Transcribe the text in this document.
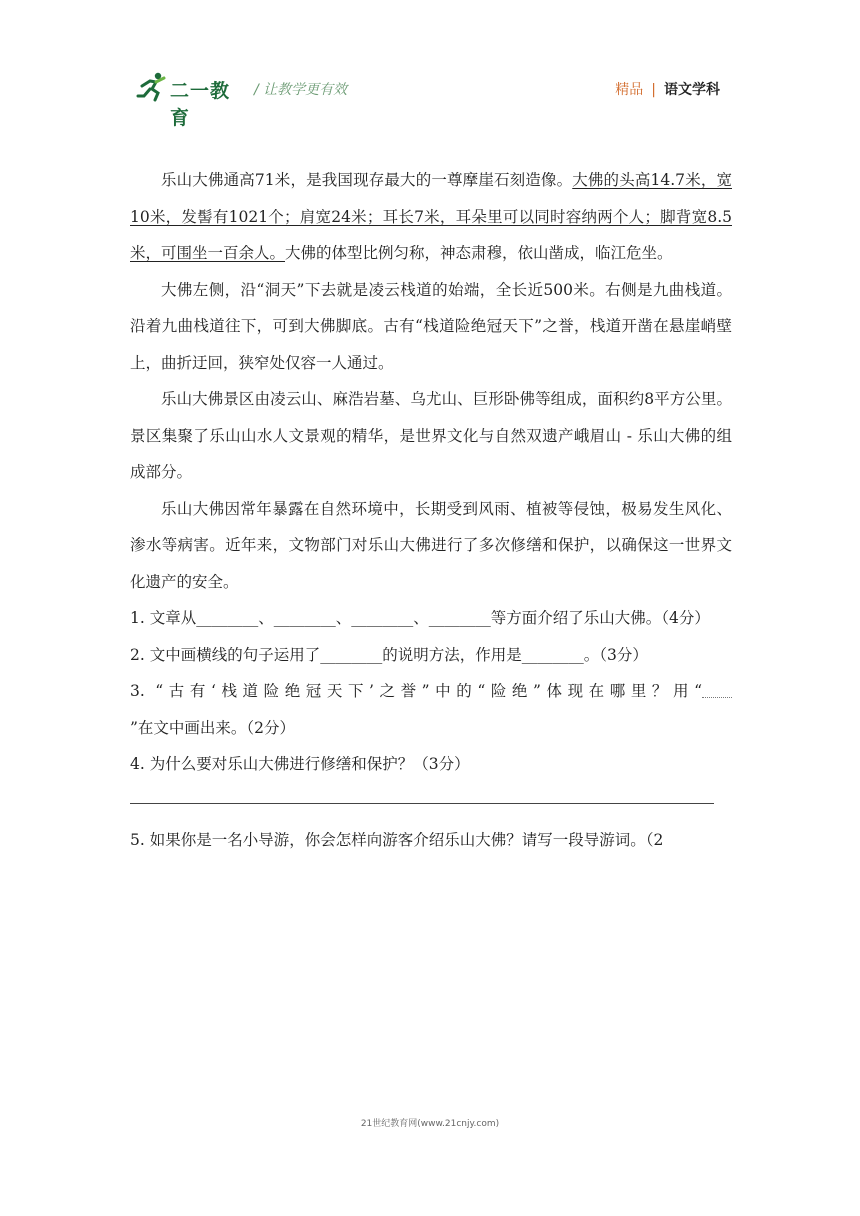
二一教育
/ 让教学更有效	精品 | 语文学科

乐山大佛通高71米，是我国现存最大的一尊摩崖石刻造像。大佛的头高14.7米，宽10米，发髻有1021个；肩宽24米；耳长7米，耳朵里可以同时容纳两个人；脚背宽8.5米，可围坐一百余人。大佛的体型比例匀称，神态肃穆，依山凿成，临江危坐。

大佛左侧，沿“洞天”下去就是凌云栈道的始端，全长近500米。右侧是九曲栈道。沿着九曲栈道往下，可到大佛脚底。古有“栈道险绝冠天下”之誉，栈道开凿在悬崖峭壁上，曲折迂回，狭窄处仅容一人通过。

乐山大佛景区由凌云山、麻浩岩墓、乌尤山、巨形卧佛等组成，面积约8平方公里。景区集聚了乐山山水人文景观的精华，是世界文化与自然双遗产峨眉山 - 乐山大佛的组成部分。

乐山大佛因常年暴露在自然环境中，长期受到风雨、植被等侵蚀，极易发生风化、渗水等病害。近年来，文物部门对乐山大佛进行了多次修缮和保护，以确保这一世界文化遗产的安全。

1. 文章从________、________、________、________等方面介绍了乐山大佛。（4分）

2. 文中画横线的句子运用了________的说明方法，作用是________。（3分）

3. “古有‘栈道险绝冠天下’之誉”中的“险绝”体现在哪里？用“”在文中画出来。（2分）

4. 为什么要对乐山大佛进行修缮和保护？（3分）

5. 如果你是一名小导游，你会怎样向游客介绍乐山大佛？请写一段导游词。（2

21世纪教育网(www.21cnjy.com)
